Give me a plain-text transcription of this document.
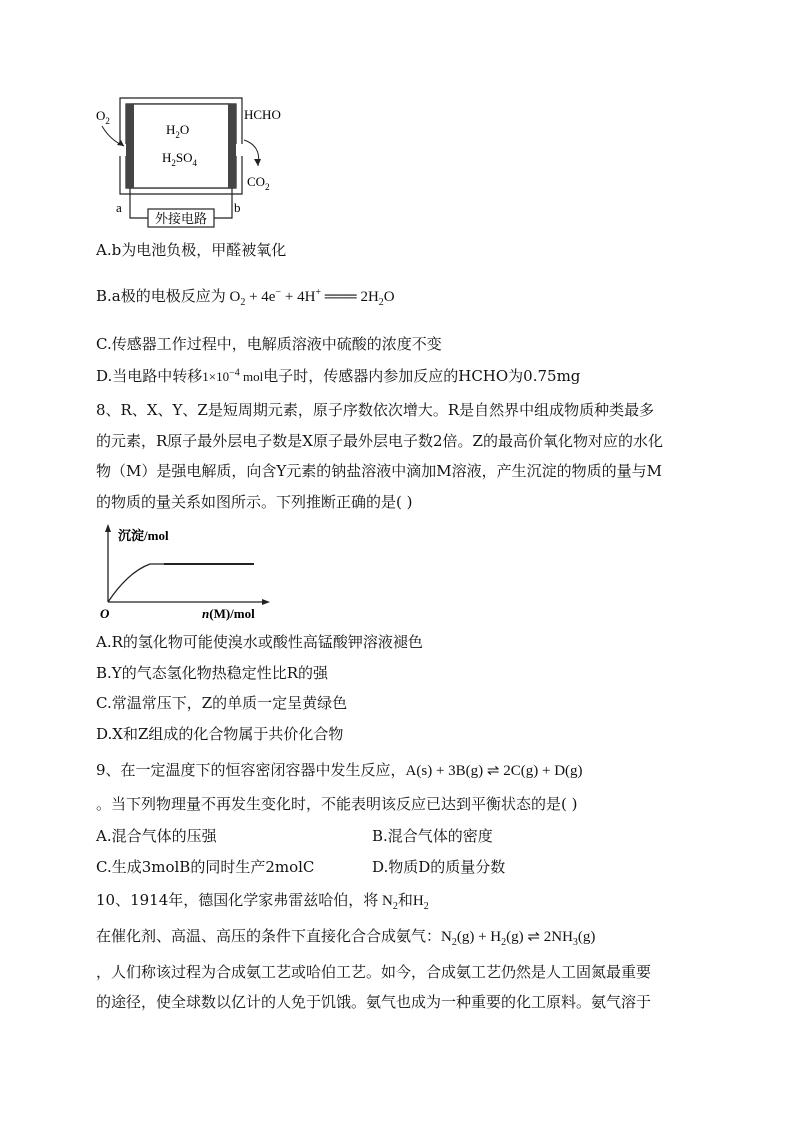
外接电路
$O_2$	HCHO
$CO_2$
$H_2O$
$H_2SO_4$
a	b
A.b为电池负极，甲醛被氧化
B.a极的电极反应为 $O_2 + 4e^- + 4H^+$ ═══ $2H_2O$
C.传感器工作过程中，电解质溶液中硫酸的浓度不变
D.当电路中转移$1\times 10^{-4}$ mol电子时，传感器内参加反应的HCHO为0.75mg
8、R、X、Y、Z是短周期元素，原子序数依次增大。R是自然界中组成物质种类最多
的元素，R原子最外层电子数是X原子最外层电子数2倍。Z的最高价氧化物对应的水化
物（M）是强电解质，向含Y元素的钠盐溶液中滴加M溶液，产生沉淀的物质的量与M
的物质的量关系如图所示。下列推断正确的是( )
沉淀/mol
O	n(M)/mol
A.R的氢化物可能使溴水或酸性高锰酸钾溶液褪色
B.Y的气态氢化物热稳定性比R的强
C.常温常压下，Z的单质一定呈黄绿色
D.X和Z组成的化合物属于共价化合物
9、在一定温度下的恒容密闭容器中发生反应，A(s) + 3B(g) ⇌ 2C(g) + D(g)
。当下列物理量不再发生变化时，不能表明该反应已达到平衡状态的是( )
A.混合气体的压强	B.混合气体的密度
C.生成3molB的同时生产2molC	D.物质D的质量分数
10、1914年，德国化学家弗雷兹哈伯，将 $N_2$和$H_2$
在催化剂、高温、高压的条件下直接化合合成氨气：$N_2(g) + H_2(g)$ ⇌ $2NH_3(g)$
，人们称该过程为合成氨工艺或哈伯工艺。如今，合成氨工艺仍然是人工固氮最重要
的途径，使全球数以亿计的人免于饥饿。氨气也成为一种重要的化工原料。氨气溶于
